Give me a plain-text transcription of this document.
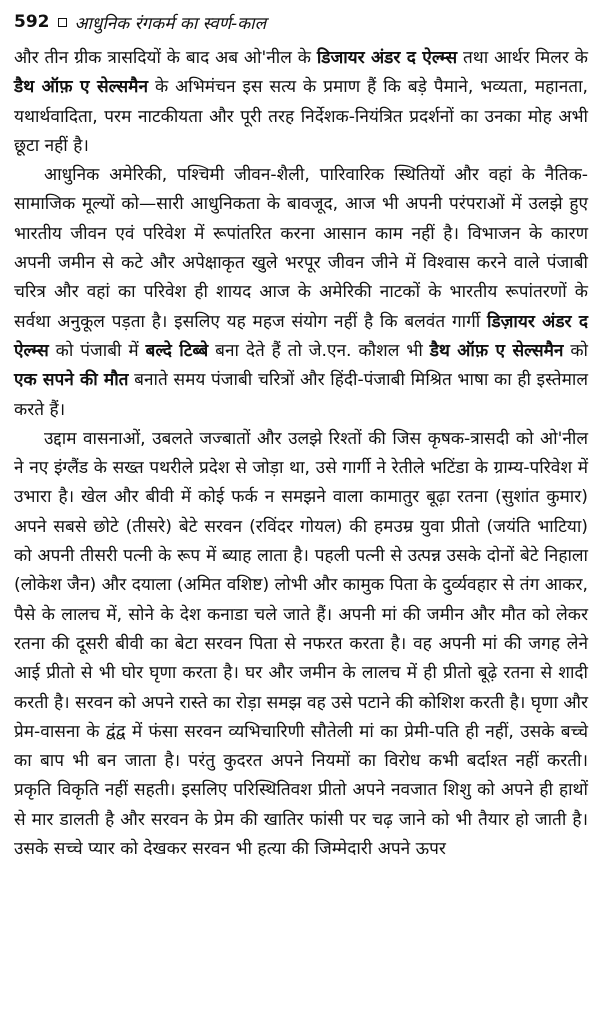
592 आधुनिक रंगकर्म का स्वर्ण-काल

और तीन ग्रीक त्रासदियों के बाद अब ओ'नील के डिजायर अंडर द ऐल्म्स तथा आर्थर मिलर के डैथ ऑफ़ ए सेल्समैन के अभिमंचन इस सत्य के प्रमाण हैं कि बड़े पैमाने, भव्यता, महानता, यथार्थवादिता, परम नाटकीयता और पूरी तरह निर्देशक-नियंत्रित प्रदर्शनों का उनका मोह अभी छूटा नहीं है।

आधुनिक अमेरिकी, पश्चिमी जीवन-शैली, पारिवारिक स्थितियों और वहां के नैतिक-सामाजिक मूल्यों को—सारी आधुनिकता के बावजूद, आज भी अपनी परंपराओं में उलझे हुए भारतीय जीवन एवं परिवेश में रूपांतरित करना आसान काम नहीं है। विभाजन के कारण अपनी जमीन से कटे और अपेक्षाकृत खुले भरपूर जीवन जीने में विश्वास करने वाले पंजाबी चरित्र और वहां का परिवेश ही शायद आज के अमेरिकी नाटकों के भारतीय रूपांतरणों के सर्वथा अनुकूल पड़ता है। इसलिए यह महज संयोग नहीं है कि बलवंत गार्गी डिज़ायर अंडर द ऐल्म्स को पंजाबी में बल्दे टिब्बे बना देते हैं तो जे.एन. कौशल भी डैथ ऑफ़ ए सेल्समैन को एक सपने की मौत बनाते समय पंजाबी चरित्रों और हिंदी-पंजाबी मिश्रित भाषा का ही इस्तेमाल करते हैं।

उद्दाम वासनाओं, उबलते जज्बातों और उलझे रिश्तों की जिस कृषक-त्रासदी को ओ'नील ने नए इंग्लैंड के सख्त पथरीले प्रदेश से जोड़ा था, उसे गार्गी ने रेतीले भटिंडा के ग्राम्य-परिवेश में उभारा है। खेल और बीवी में कोई फर्क न समझने वाला कामातुर बूढ़ा रतना (सुशांत कुमार) अपने सबसे छोटे (तीसरे) बेटे सरवन (रविंदर गोयल) की हमउम्र युवा प्रीतो (जयंति भाटिया) को अपनी तीसरी पत्नी के रूप में ब्याह लाता है। पहली पत्नी से उत्पन्न उसके दोनों बेटे निहाला (लोकेश जैन) और दयाला (अमित वशिष्ट) लोभी और कामुक पिता के दुर्व्यवहार से तंग आकर, पैसे के लालच में, सोने के देश कनाडा चले जाते हैं। अपनी मां की जमीन और मौत को लेकर रतना की दूसरी बीवी का बेटा सरवन पिता से नफरत करता है। वह अपनी मां की जगह लेने आई प्रीतो से भी घोर घृणा करता है। घर और जमीन के लालच में ही प्रीतो बूढ़े रतना से शादी करती है। सरवन को अपने रास्ते का रोड़ा समझ वह उसे पटाने की कोशिश करती है। घृणा और प्रेम-वासना के द्वंद्व में फंसा सरवन व्यभिचारिणी सौतेली मां का प्रेमी-पति ही नहीं, उसके बच्चे का बाप भी बन जाता है। परंतु कुदरत अपने नियमों का विरोध कभी बर्दाश्त नहीं करती। प्रकृति विकृति नहीं सहती। इसलिए परिस्थितिवश प्रीतो अपने नवजात शिशु को अपने ही हाथों से मार डालती है और सरवन के प्रेम की खातिर फांसी पर चढ़ जाने को भी तैयार हो जाती है। उसके सच्चे प्यार को देखकर सरवन भी हत्या की जिम्मेदारी अपने ऊपर
